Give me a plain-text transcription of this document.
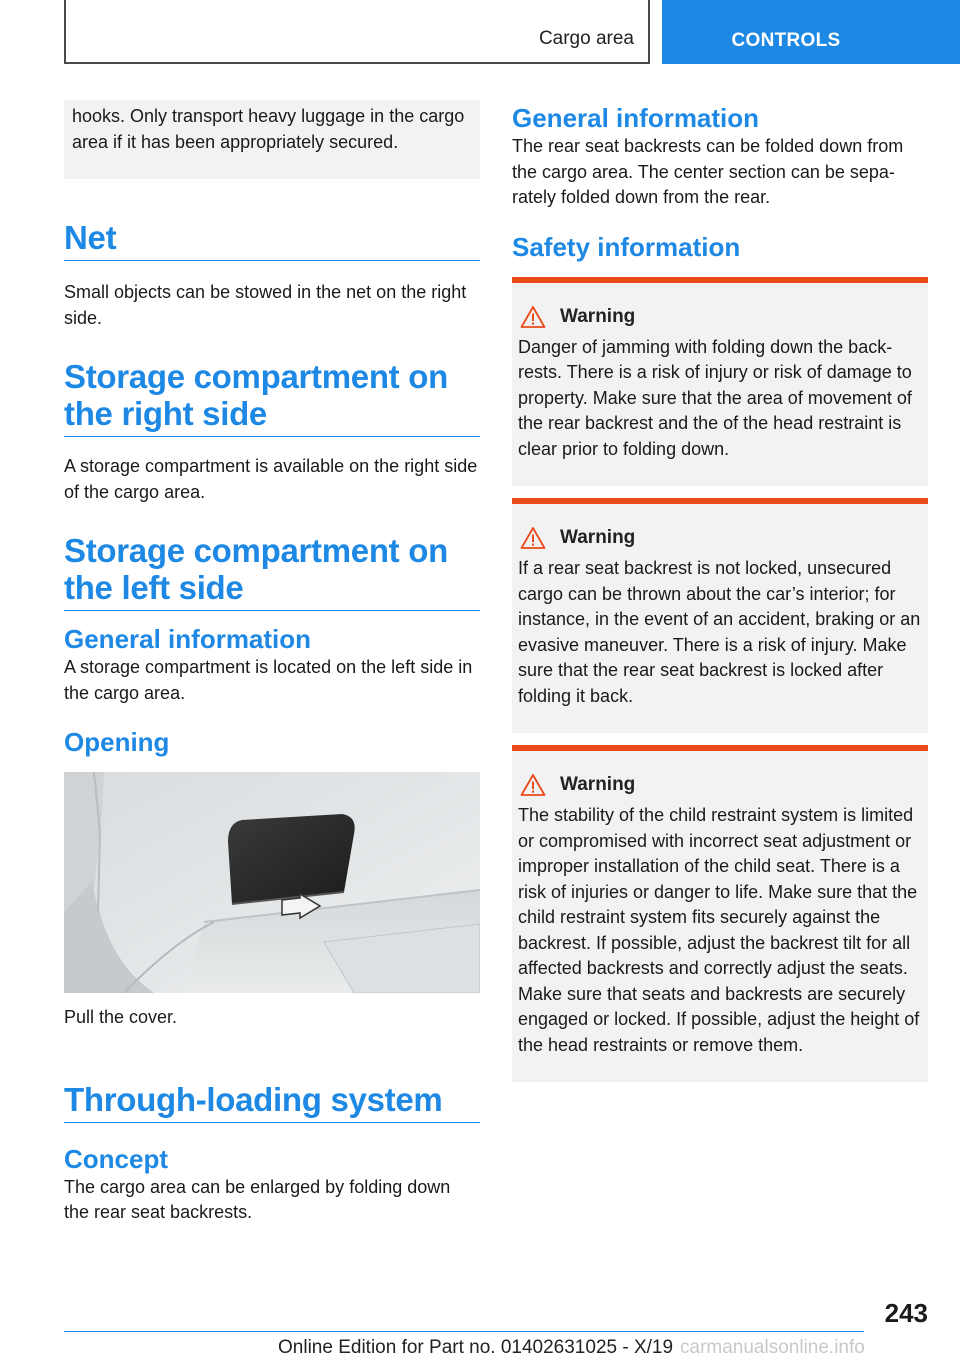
Cargo area	CONTROLS

hooks. Only transport heavy luggage in the cargo area if it has been appropriately secured.

Net

Small objects can be stowed in the net on the right side.

Storage compartment on the right side

A storage compartment is available on the right side of the cargo area.

Storage compartment on the left side
General information

A storage compartment is located on the left side in the cargo area.

Opening

Pull the cover.

Through-loading system
Concept

The cargo area can be enlarged by folding down the rear seat backrests.

General information

The rear seat backrests can be folded down from the cargo area. The center section can be separately folded down from the rear.

Safety information
Warning

Danger of jamming with folding down the backrests. There is a risk of injury or risk of damage to property. Make sure that the area of movement of the rear backrest and the of the head restraint is clear prior to folding down.

Warning

If a rear seat backrest is not locked, unsecured cargo can be thrown about the car’s interior; for instance, in the event of an accident, braking or an evasive maneuver. There is a risk of injury. Make sure that the rear seat backrest is locked after folding it back.

Warning

The stability of the child restraint system is limited or compromised with incorrect seat adjustment or improper installation of the child seat. There is a risk of injuries or danger to life. Make sure that the child restraint system fits securely against the backrest. If possible, adjust the backrest tilt for all affected backrests and correctly adjust the seats. Make sure that seats and backrests are securely engaged or locked. If possible, adjust the height of the head restraints or remove them.

243
Online Edition for Part no. 01402631025 - X/19 carmanualsonline.info
